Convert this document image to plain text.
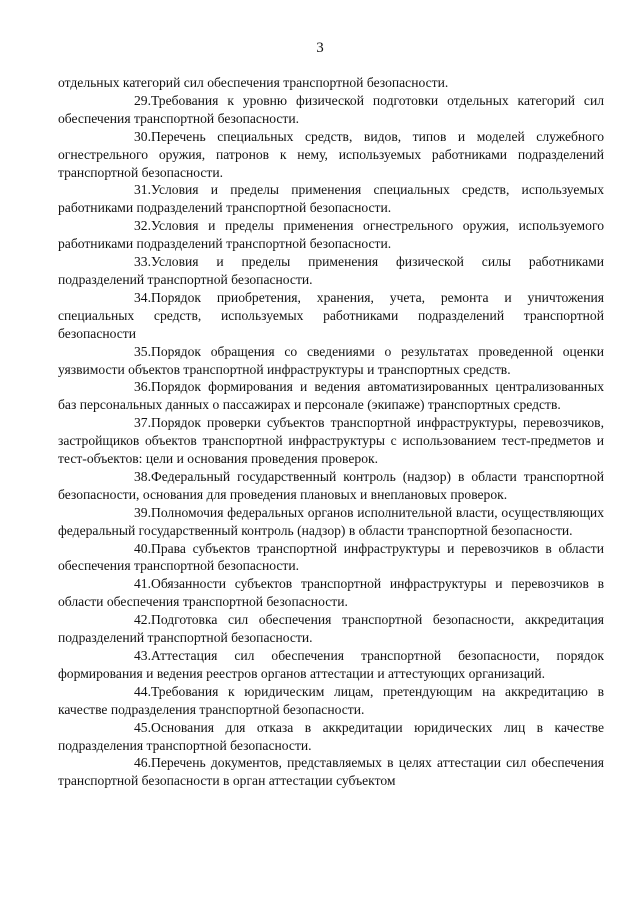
3

отдельных категорий сил обеспечения транспортной безопасности.

29.Требования к уровню физической подготовки отдельных категорий сил обеспечения транспортной безопасности.

30.Перечень специальных средств, видов, типов и моделей служебного огнестрельного оружия, патронов к нему, используемых работниками подразделений транспортной безопасности.

31.Условия и пределы применения специальных средств, используемых работниками подразделений транспортной безопасности.

32.Условия и пределы применения огнестрельного оружия, используемого работниками подразделений транспортной безопасности.

33.Условия и пределы применения физической силы работниками подразделений транспортной безопасности.

34.Порядок приобретения, хранения, учета, ремонта и уничтожения специальных средств, используемых работниками подразделений транспортной безопасности

35.Порядок обращения со сведениями о результатах проведенной оценки уязвимости объектов транспортной инфраструктуры и транспортных средств.

36.Порядок формирования и ведения автоматизированных централизованных баз персональных данных о пассажирах и персонале (экипаже) транспортных средств.

37.Порядок проверки субъектов транспортной инфраструктуры, перевозчиков, застройщиков объектов транспортной инфраструктуры с использованием тест-предметов и тест-объектов: цели и основания проведения проверок.

38.Федеральный государственный контроль (надзор) в области транспортной безопасности, основания для проведения плановых и внеплановых проверок.

39.Полномочия федеральных органов исполнительной власти, осуществляющих федеральный государственный контроль (надзор) в области транспортной безопасности.

40.Права субъектов транспортной инфраструктуры и перевозчиков в области обеспечения транспортной безопасности.

41.Обязанности субъектов транспортной инфраструктуры и перевозчиков в области обеспечения транспортной безопасности.

42.Подготовка сил обеспечения транспортной безопасности, аккредитация подразделений транспортной безопасности.

43.Аттестация сил обеспечения транспортной безопасности, порядок формирования и ведения реестров органов аттестации и аттестующих организаций.

44.Требования к юридическим лицам, претендующим на аккредитацию в качестве подразделения транспортной безопасности.

45.Основания для отказа в аккредитации юридических лиц в качестве подразделения транспортной безопасности.

46.Перечень документов, представляемых в целях аттестации сил обеспечения транспортной безопасности в орган аттестации субъектом
